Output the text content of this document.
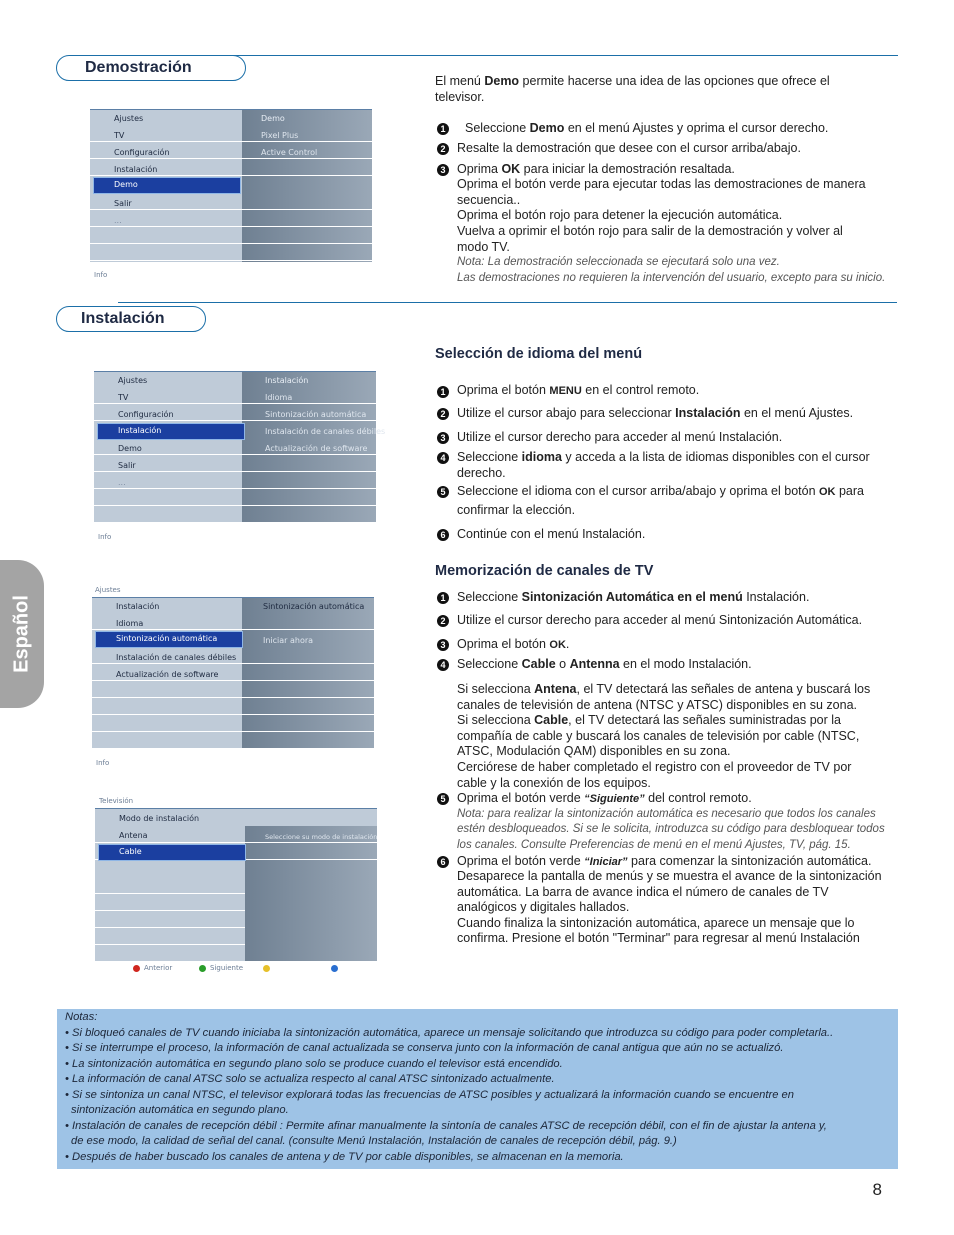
Español
Demostración
Ajustes	Demo
TV
Configuración
Instalación
Demo
Salir
...
Pixel Plus
Active Control
Info
El menú Demo permite hacerse una idea de las opciones que ofrece el televisor.
1 Seleccione Demo en el menú Ajustes y oprima el cursor derecho.
2 Resalte la demostración que desee con el cursor arriba/abajo.
3 Oprima OK para iniciar la demostración resaltada.
Oprima el botón verde para ejecutar todas las demostraciones de manera
secuencia..
Oprima el botón rojo para detener la ejecución automática.
Vuelva a oprimir el botón rojo para salir de la demostración y volver al
modo TV.
Nota: La demostración seleccionada se ejecutará solo una vez.
Las demostraciones no requieren la intervención del usuario, excepto para su inicio.
Instalación
Ajustes	Instalación
TV
Configuración
Instalación
Demo
Salir
...
Idioma
Sintonización automática
Instalación de canales débiles
Actualización de software
Info
Ajustes
Instalación	Sintonización automática
Idioma
Sintonización automática
Instalación de canales débiles
Actualización de software
Iniciar ahora
Info
Televisión
Modo de instalación
Antena
Cable
Seleccione su modo de instalación
Anterior	Siguiente
Selección de idioma del menú
1 Oprima el botón MENU en el control remoto.
2 Utilize el cursor abajo para seleccionar Instalación en el menú Ajustes.
3 Utilize el cursor derecho para acceder al menú Instalación.
4 Seleccione idioma y acceda a la lista de idiomas disponibles con el cursor
derecho.
5 Seleccione el idioma con el cursor arriba/abajo y oprima el botón OK para
confirmar la elección.
6 Continúe con el menú Instalación.
Memorización de canales de TV
1 Seleccione Sintonización Automática en el menú Instalación.
2 Utilize el cursor derecho para acceder al menú Sintonización Automática.
3 Oprima el botón OK.
4 Seleccione Cable o Antenna en el modo Instalación.
Si selecciona Antena, el TV detectará las señales de antena y buscará los
canales de televisión de antena (NTSC y ATSC) disponibles en su zona.
Si selecciona Cable, el TV detectará las señales suministradas por la
compañía de cable y buscará los canales de televisión por cable (NTSC,
ATSC, Modulación QAM) disponibles en su zona.
Cerciórese de haber completado el registro con el proveedor de TV por
cable y la conexión de los equipos.
5 Oprima el botón verde “Siguiente” del control remoto.
Nota: para realizar la sintonización automática es necesario que todos los canales
estén desbloqueados. Si se le solicita, introduzca su código para desbloquear todos
los canales. Consulte Preferencias de menú en el menú Ajustes, TV, pág. 15.
6 Oprima el botón verde “Iniciar” para comenzar la sintonización automática.
Desaparece la pantalla de menús y se muestra el avance de la sintonización
automática. La barra de avance indica el número de canales de TV
analógicos y digitales hallados.
Cuando finaliza la sintonización automática, aparece un mensaje que lo
confirma. Presione el botón "Terminar" para regresar al menú Instalación

Notas:

• Si bloqueó canales de TV cuando iniciaba la sintonización automática, aparece un mensaje solicitando que introduzca su código para poder completarla..

• Si se interrumpe el proceso, la información de canal actualizada se conserva junto con la información de canal antigua que aún no se actualizó.

• La sintonización automática en segundo plano solo se produce cuando el televisor está encendido.

• La información de canal ATSC solo se actualiza respecto al canal ATSC sintonizado actualmente.

• Si se sintoniza un canal NTSC, el televisor explorará todas las frecuencias de ATSC posibles y actualizará la información cuando se encuentre en

sintonización automática en segundo plano.

• Instalación de canales de recepción débil : Permite afinar manualmente la sintonía de canales ATSC de recepción débil, con el fin de ajustar la antena y,

de ese modo, la calidad de señal del canal. (consulte Menú Instalación, Instalación de canales de recepción débil, pág. 9.)

• Después de haber buscado los canales de antena y de TV por cable disponibles, se almacenan en la memoria.

8
